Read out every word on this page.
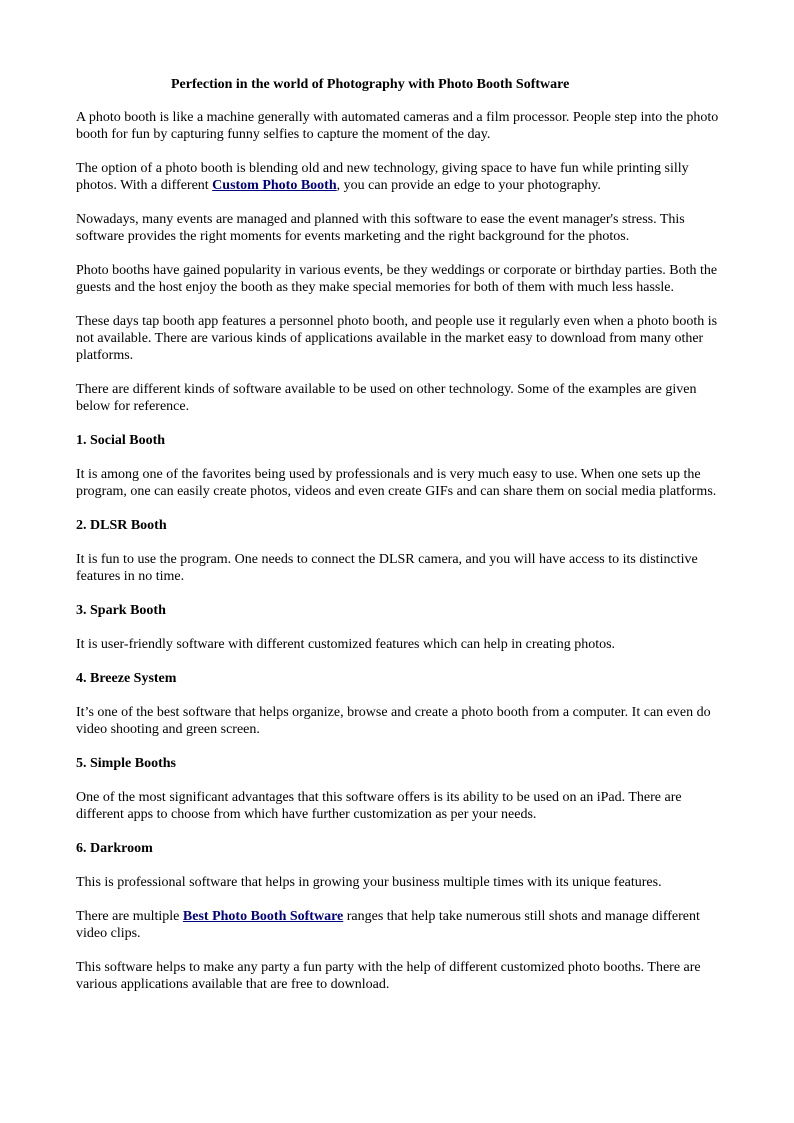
Perfection in the world of Photography with Photo Booth Software

A photo booth is like a machine generally with automated cameras and a film processor. People step into the photo booth for fun by capturing funny selfies to capture the moment of the day.

The option of a photo booth is blending old and new technology, giving space to have fun while printing silly photos. With a different Custom Photo Booth, you can provide an edge to your photography.

Nowadays, many events are managed and planned with this software to ease the event manager's stress. This software provides the right moments for events marketing and the right background for the photos.

Photo booths have gained popularity in various events, be they weddings or corporate or birthday parties. Both the guests and the host enjoy the booth as they make special memories for both of them with much less hassle.

These days tap booth app features a personnel photo booth, and people use it regularly even when a photo booth is not available. There are various kinds of applications available in the market easy to download from many other platforms.

There are different kinds of software available to be used on other technology. Some of the examples are given below for reference.

1. Social Booth

It is among one of the favorites being used by professionals and is very much easy to use. When one sets up the program, one can easily create photos, videos and even create GIFs and can share them on social media platforms.

2. DLSR Booth

It is fun to use the program. One needs to connect the DLSR camera, and you will have access to its distinctive features in no time.

3. Spark Booth

It is user-friendly software with different customized features which can help in creating photos.

4. Breeze System

It’s one of the best software that helps organize, browse and create a photo booth from a computer. It can even do video shooting and green screen.

5. Simple Booths

One of the most significant advantages that this software offers is its ability to be used on an iPad. There are different apps to choose from which have further customization as per your needs.

6. Darkroom

This is professional software that helps in growing your business multiple times with its unique features.

There are multiple Best Photo Booth Software ranges that help take numerous still shots and manage different video clips.

This software helps to make any party a fun party with the help of different customized photo booths. There are various applications available that are free to download.
